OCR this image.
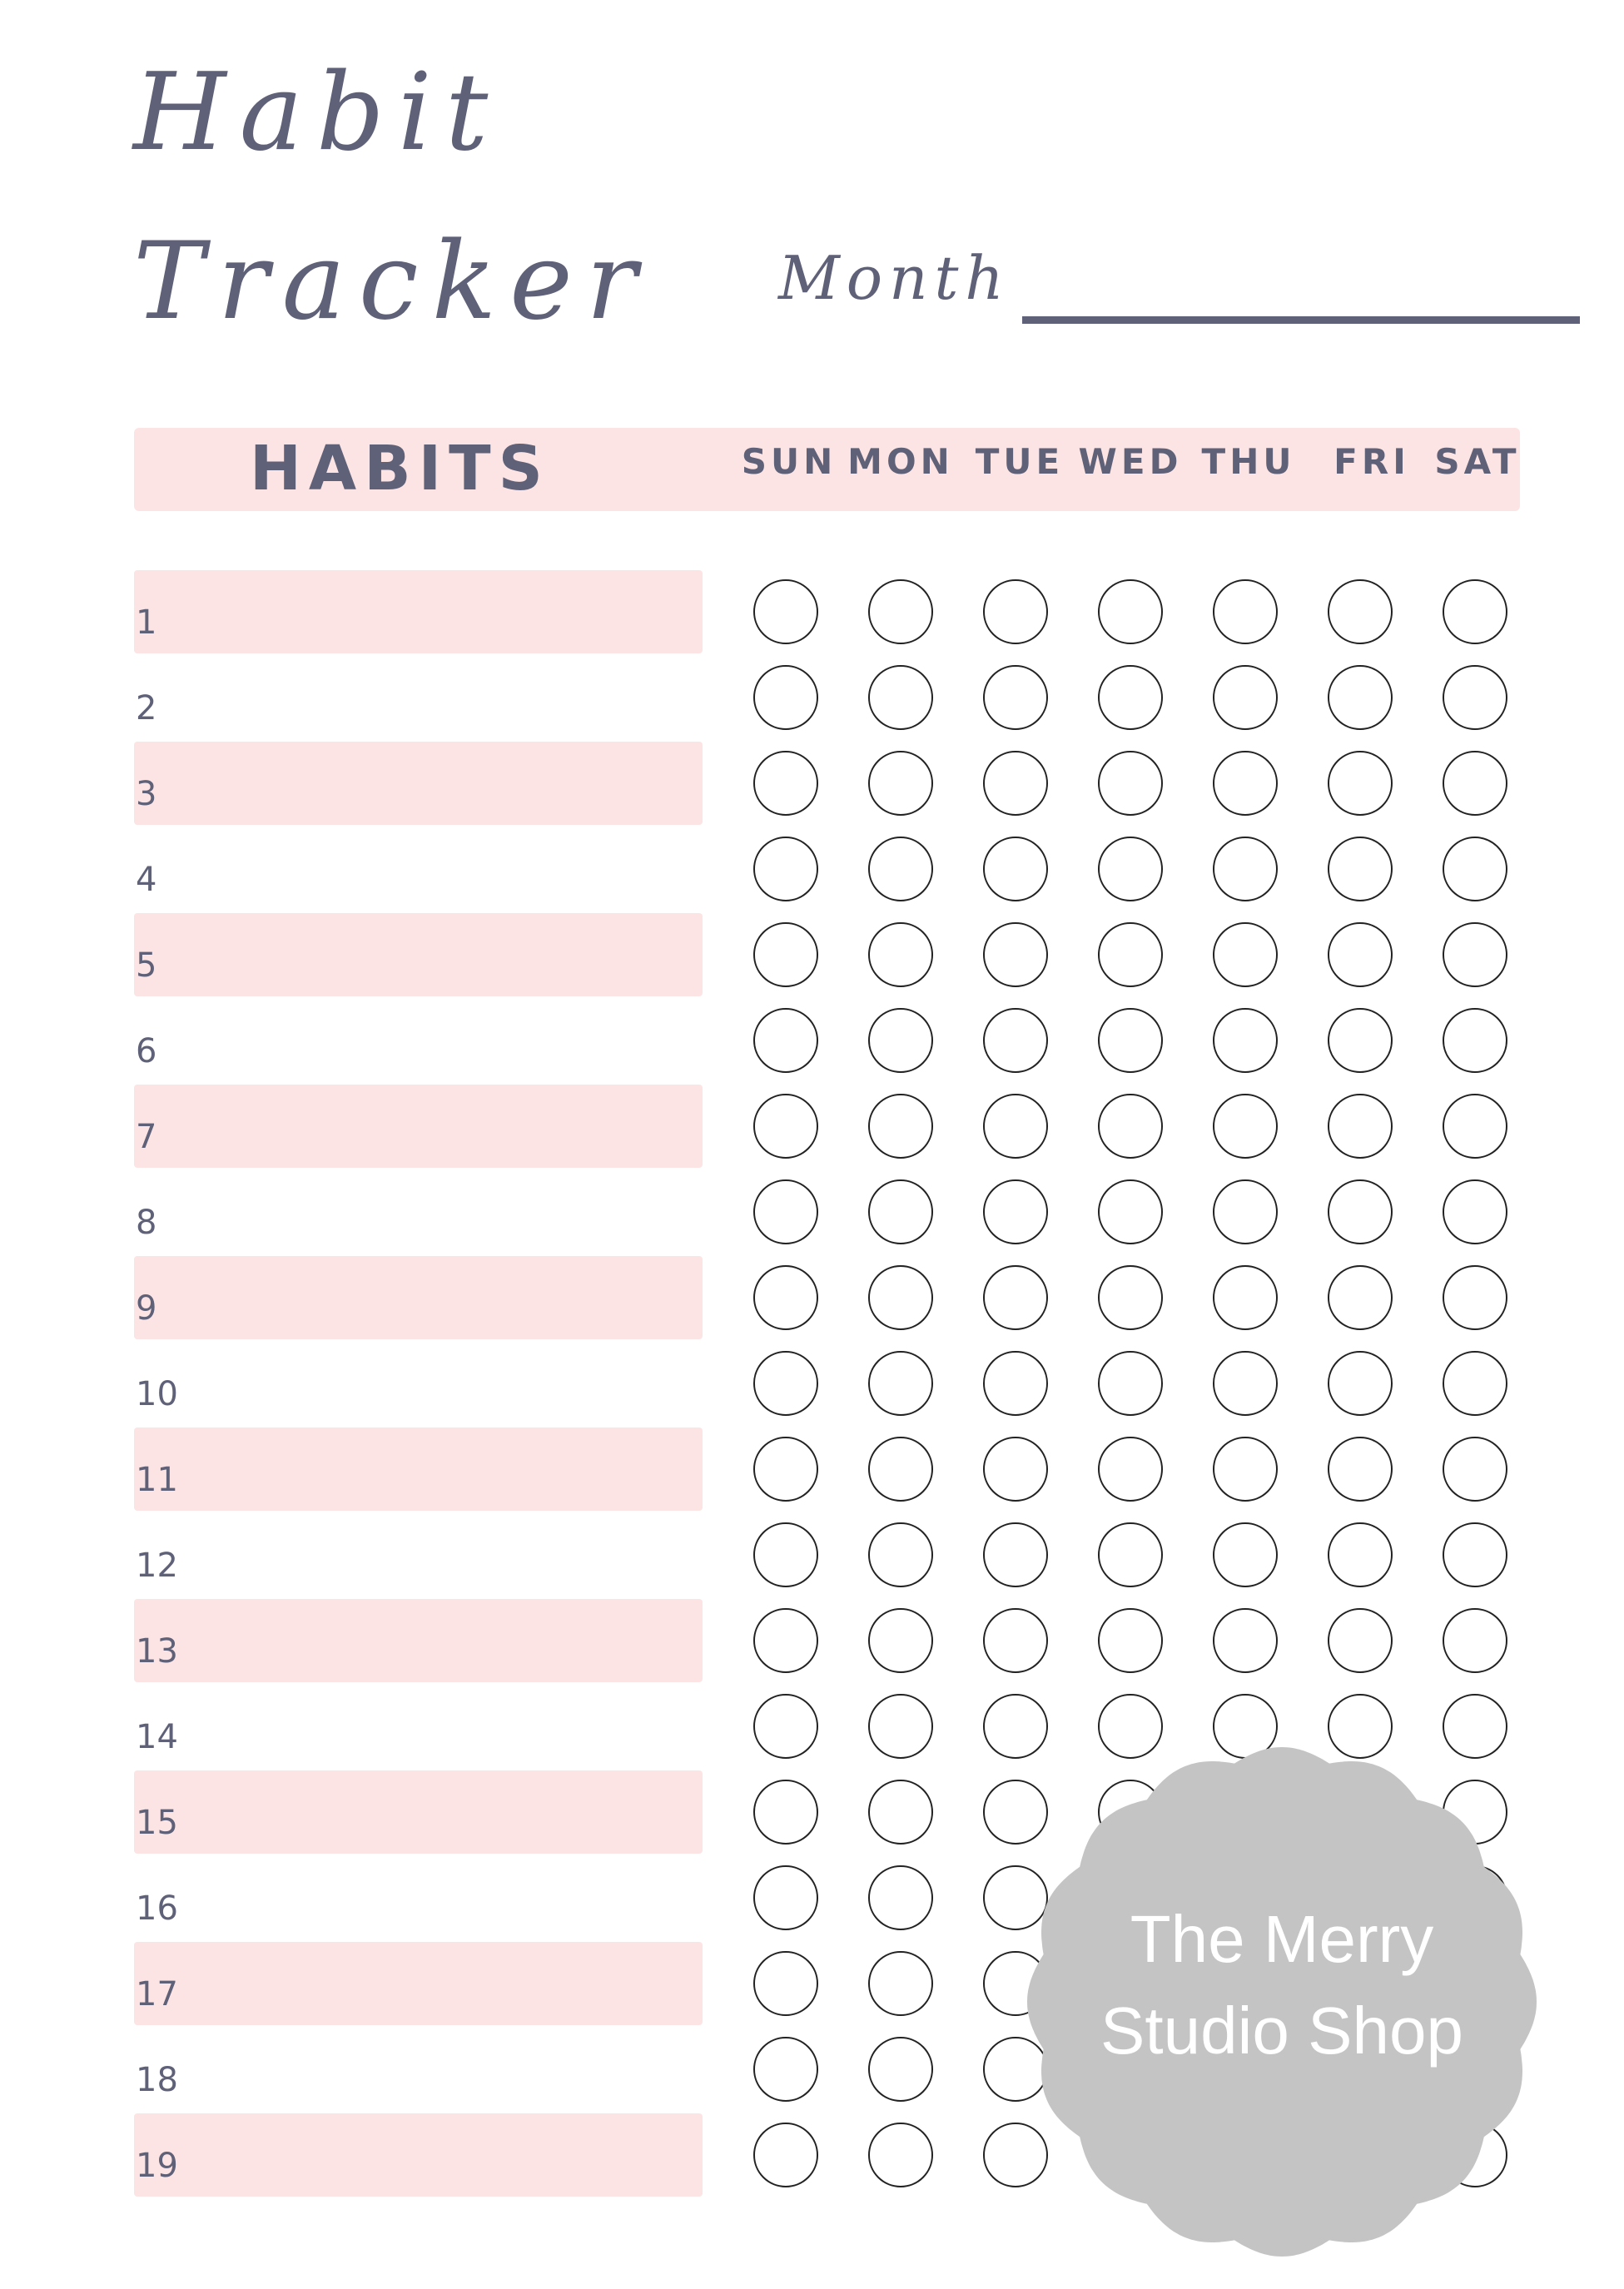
Habit
Tracker Month
HABITS	SUN MON TUE WED THU	FRI SAT
1
2
3
4
5
6
7
8
9
10
11
12
13
14
15
16
17
18
19
The Merry
Studio Shop
